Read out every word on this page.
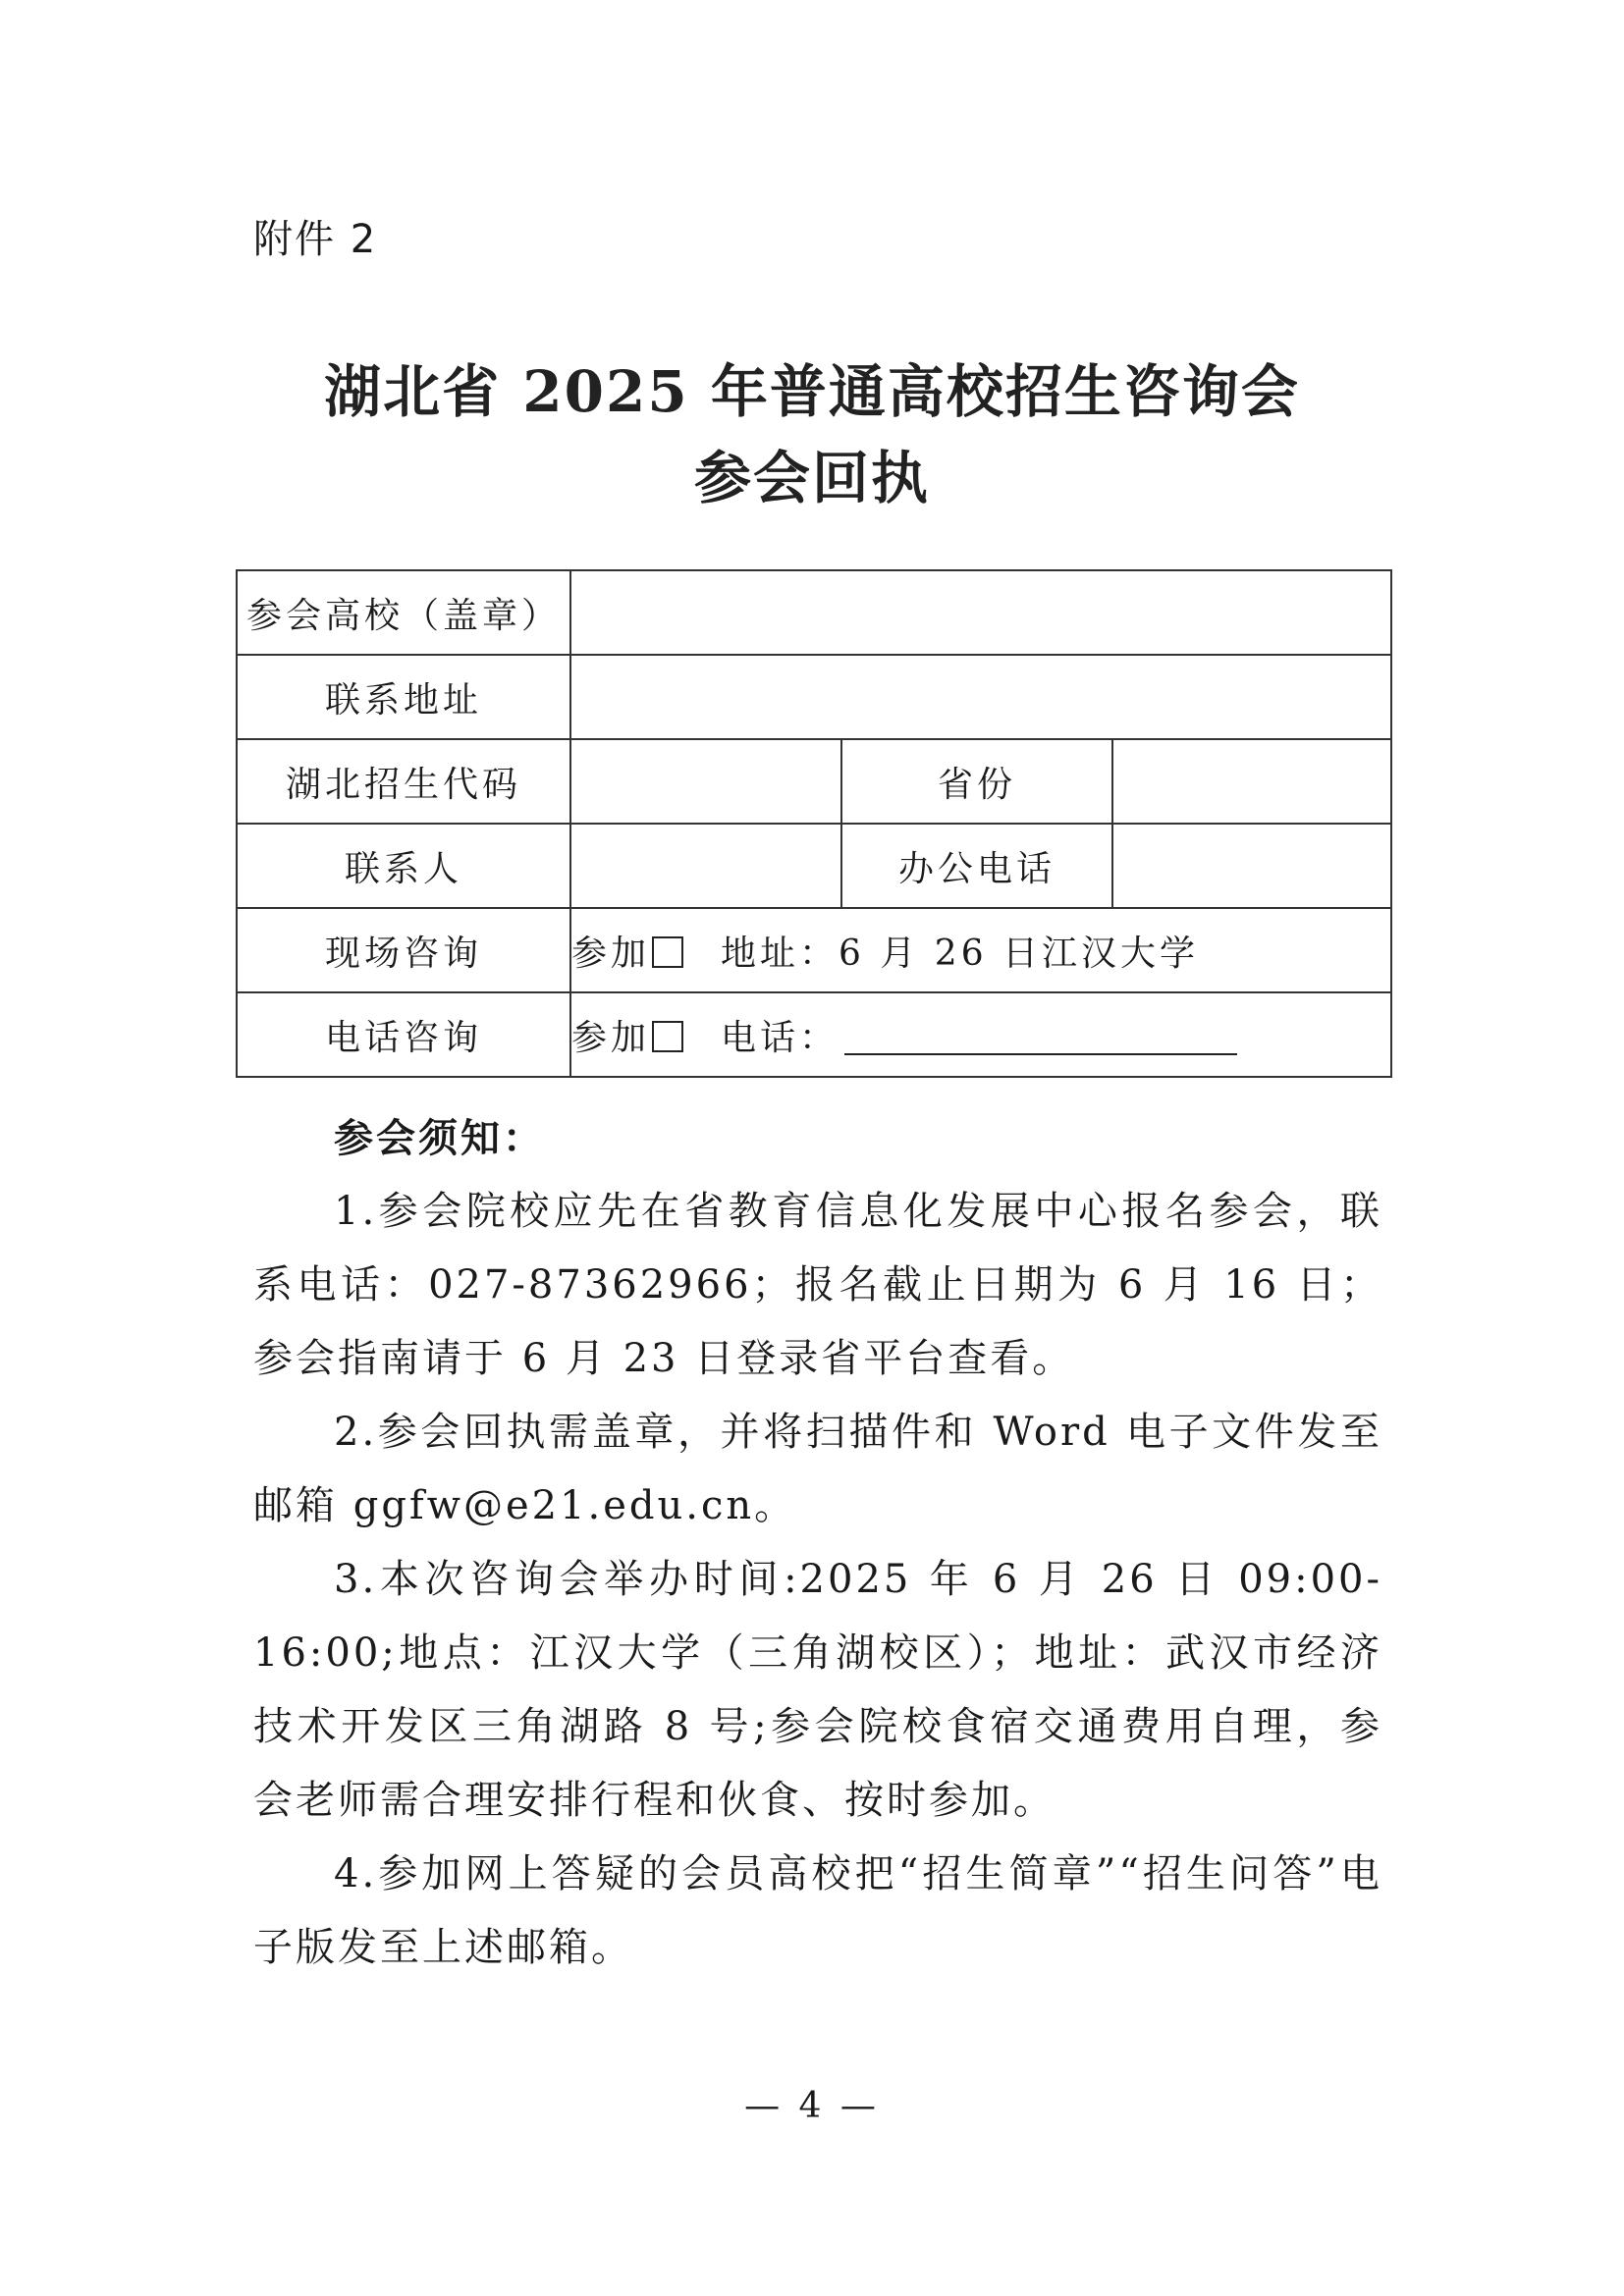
附件 2
湖北省 2025 年普通高校招生咨询会
参会回执
参会高校（盖章）			
联系地址			
湖北招生代码		省份	
联系人		办公电话	
现场咨询	参加 地址：6 月 26 日江汉大学		
电话咨询	参加 电话：		
参会须知：

1.参会院校应先在省教育信息化发展中心报名参会，联系电话：027-87362966；报名截止日期为 6 月 16 日；参会指南请于 6 月 23 日登录省平台查看。

2.参会回执需盖章，并将扫描件和 Word 电子文件发至邮箱 ggfw@e21.edu.cn。

3.本次咨询会举办时间:2025 年 6 月 26 日 09:00-16:00;地点：江汉大学（三角湖校区）；地址：武汉市经济技术开发区三角湖路 8 号;参会院校食宿交通费用自理，参会老师需合理安排行程和伙食、按时参加。

4.参加网上答疑的会员高校把“招生简章”“招生问答”电子版发至上述邮箱。

— 4 —
